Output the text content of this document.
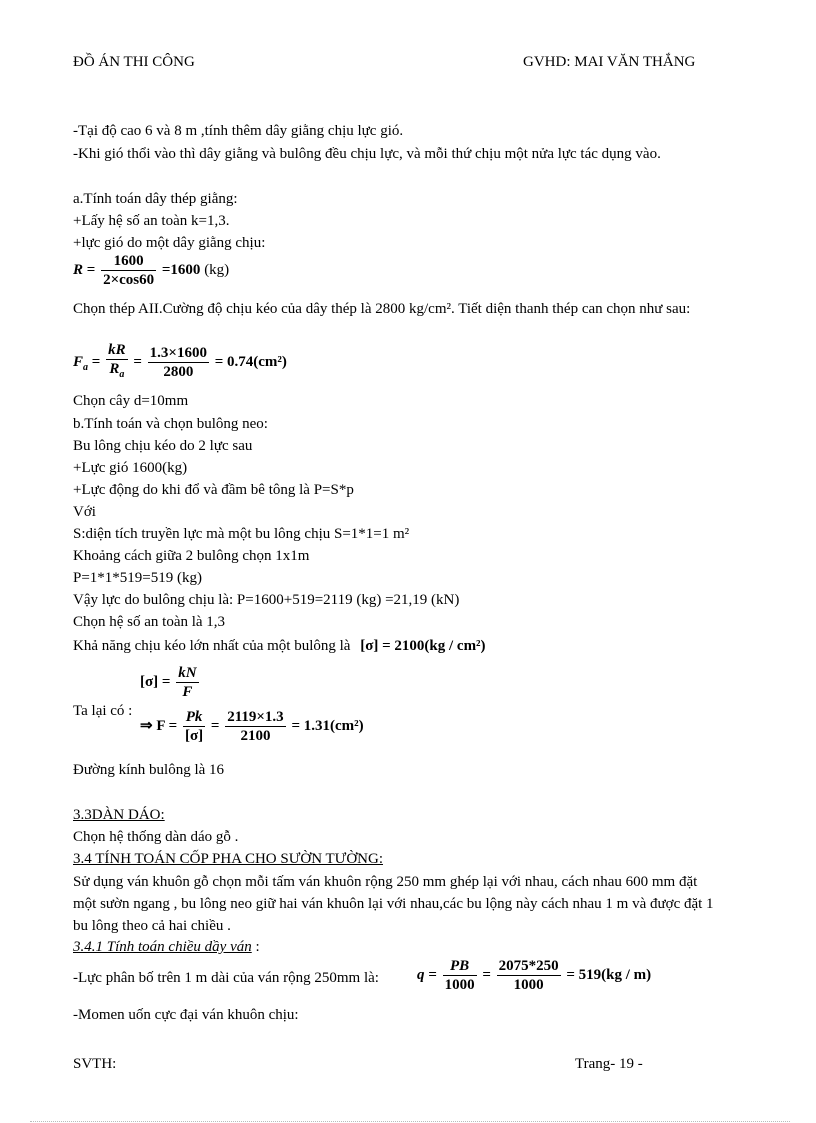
ĐỒ ÁN THI CÔNG	GVHD: MAI VĂN THẮNG
-Tại độ cao 6 và 8 m ,tính thêm dây giằng chịu lực gió.
-Khi gió thổi vào thì dây giằng và bulông đều chịu lực, và mỗi thứ chịu một nửa lực tác dụng vào.
a.Tính toán dây thép giằng:
+Lấy hệ số an toàn k=1,3.
+lực gió do một dây giằng chịu:
$R = \frac{1600}{2\times\cos 60} =1600$ (kg)
Chọn thép AII.Cường độ chịu kéo của dây thép là 2800 kg/cm². Tiết diện thanh thép can chọn như sau:
$F_a = \frac{kR}{R_a} = \frac{1.3\times 1600}{2800} = 0.74(cm^2)$
Chọn cây d=10mm
b.Tính toán và chọn bulông neo:
Bu lông chịu kéo do 2 lực sau
+Lực gió 1600(kg)
+Lực động do khi đổ và đầm bê tông là P=S*p
Với
S:diện tích truyền lực mà một bu lông chịu S=1*1=1 m²
Khoảng cách giữa 2 bulông chọn 1x1m
P=1*1*519=519 (kg)
Vậy lực do bulông chịu là: P=1600+519=2119 (kg) =21,19 (kN)
Chọn hệ số an toàn là 1,3
Khả năng chịu kéo lớn nhất của một bulông là [σ] = 2100(kg / cm²)
$[\sigma] = \frac{kN}{F}$
Ta lại có :
⇒ $F = \frac{Pk}{[\sigma]} = \frac{2119\times 1.3}{2100} = 1.31(cm^2)$
Đường kính bulông là 16
3.3DÀN DÁO:
Chọn hệ thống dàn dáo gỗ .
3.4 TÍNH TOÁN CỐP PHA CHO SƯỜN TƯỜNG:
Sử dụng ván khuôn gỗ chọn mỗi tấm ván khuôn rộng 250 mm ghép lại với nhau, cách nhau 600 mm đặt một sườn ngang , bu lông neo giữ hai ván khuôn lại với nhau,các bu lộng này cách nhau 1 m và được đặt 1 bu lông theo cả hai chiều .
3.4.1 Tính toán chiều dầy ván :
-Lực phân bố trên 1 m dài của ván rộng 250mm là:	$q = \frac{PB}{1000} = \frac{2075*250}{1000} = 519(kg / m)$
-Momen uốn cực đại ván khuôn chịu:
SVTH:	Trang- 19 -
